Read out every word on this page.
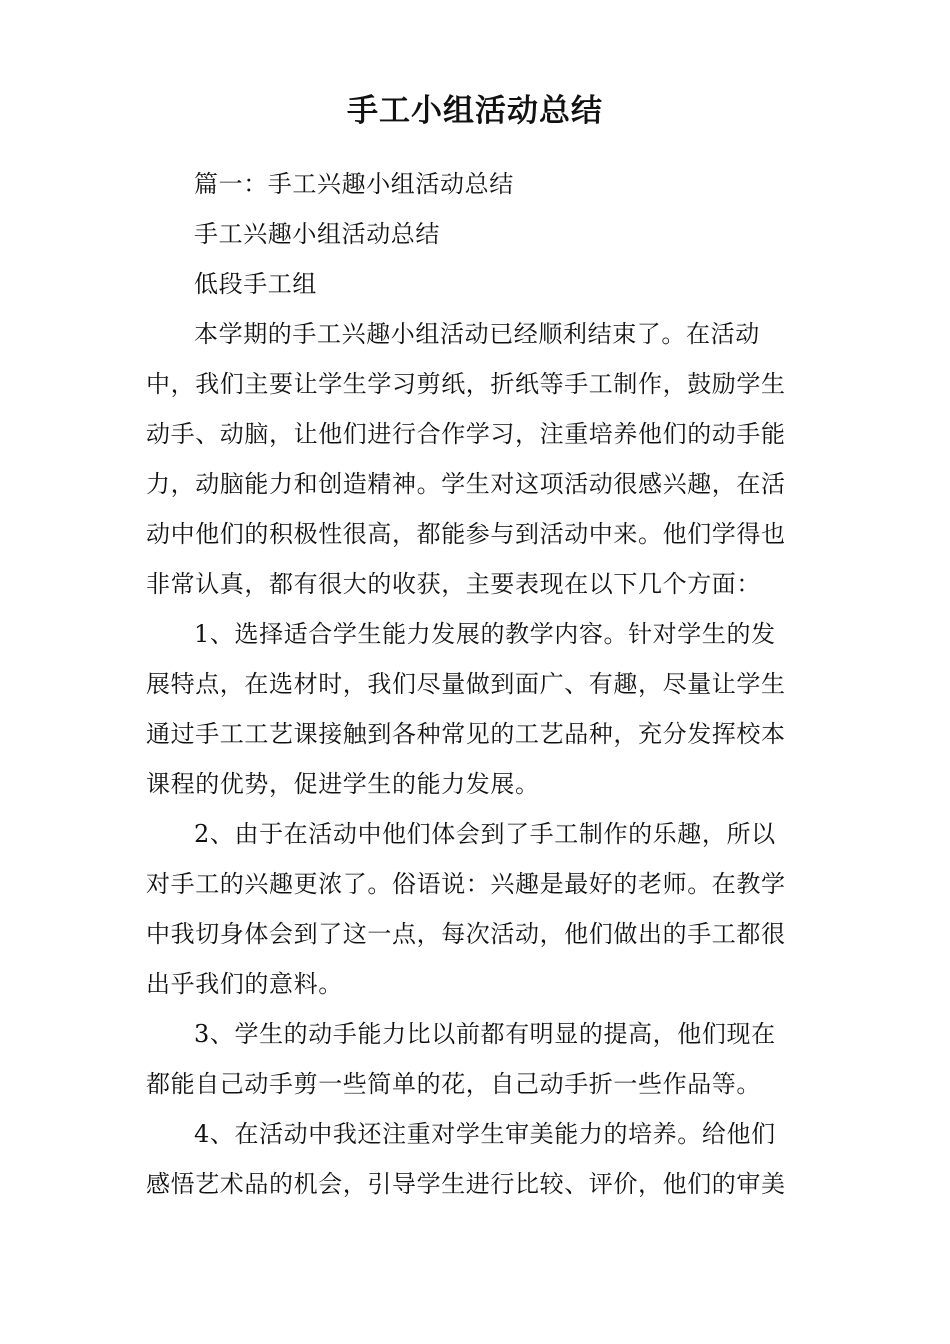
手工小组活动总结
篇一：手工兴趣小组活动总结
手工兴趣小组活动总结
低段手工组
本学期的手工兴趣小组活动已经顺利结束了。在活动
中，我们主要让学生学习剪纸，折纸等手工制作，鼓励学生
动手、动脑，让他们进行合作学习，注重培养他们的动手能
力，动脑能力和创造精神。学生对这项活动很感兴趣，在活
动中他们的积极性很高，都能参与到活动中来。他们学得也
非常认真，都有很大的收获，主要表现在以下几个方面：
1、选择适合学生能力发展的教学内容。针对学生的发
展特点，在选材时，我们尽量做到面广、有趣，尽量让学生
通过手工工艺课接触到各种常见的工艺品种，充分发挥校本
课程的优势，促进学生的能力发展。
2、由于在活动中他们体会到了手工制作的乐趣，所以
对手工的兴趣更浓了。俗语说：兴趣是最好的老师。在教学
中我切身体会到了这一点，每次活动，他们做出的手工都很
出乎我们的意料。
3、学生的动手能力比以前都有明显的提高，他们现在
都能自己动手剪一些简单的花，自己动手折一些作品等。
4、在活动中我还注重对学生审美能力的培养。给他们
感悟艺术品的机会，引导学生进行比较、评价，他们的审美
